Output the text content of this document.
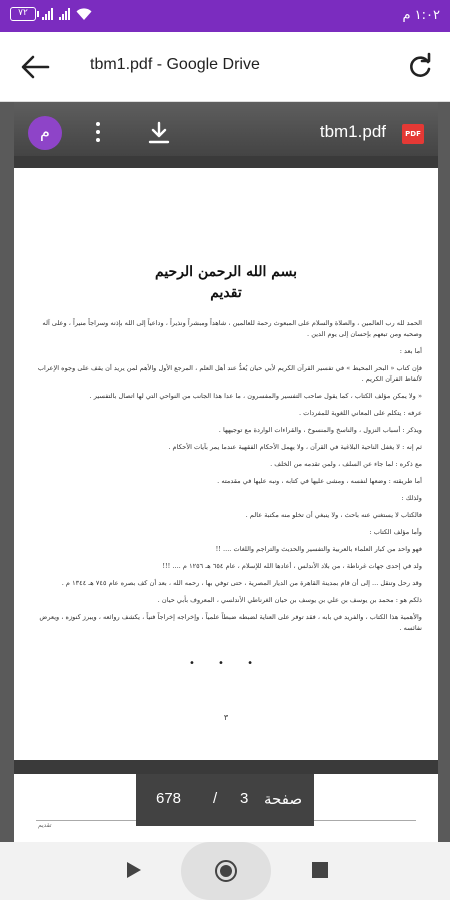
٧٢	١:٠٢ م
tbm1.pdf - Google Drive
م	tbm1.pdf	PDF
بسم الله الرحمن الرحيم
تقديم

الحمد لله رب العالمين ، والصلاة والسلام على المبعوث رحمة للعالمين ، شاهداً ومبشراً ونذيراً ، وداعياً إلى الله بإذنه وسراجاً منيراً ، وعلى آله وصحبه ومن تبعهم بإحسان إلى يوم الدين .

أما بعد :

فإن كتاب « البحر المحيط » في تفسير القرآن الكريم لأبي حيان يُعدُّ عند أهل العلم ، المرجع الأول والأهم لمن يريد أن يقف على وجوه الإعراب لألفاظ القرآن الكريم .

« ولا يمكن مؤلف الكتاب ، كما يقول صاحب التفسير والمفسرون ، ما عدا هذا الجانب من النواحي التي لها اتصال بالتفسير .

عرفه : يتكلم على المعاني اللغوية للمفردات .

ويذكر : أسباب النزول ، والناسخ والمنسوخ ، والقراءات الواردة مع توجيهها .

ثم إنه : لا يغفل الناحية البلاغية في القرآن ، ولا يهمل الأحكام الفقهية عندما يمر بآيات الأحكام .

مع ذكره : لما جاء عن السلف ، ولمن تقدمه من الخلف .

أما طريقته : وضعها لنفسه ، ومشى عليها في كتابه ، ونبه عليها في مقدمته .

ولذلك :

فالكتاب لا يستغني عنه باحث ، ولا ينبغي أن تخلو منه مكتبة عالم .

وأما مؤلف الكتاب :

فهو واحد من كبار العلماء بالعربية والتفسير والحديث والتراجم واللغات .... !!

ولد في إحدى جهات غرناطة ، من بلاد الأندلس ، أعادها الله للإسلام ، عام ٦٥٤ هـ ١٢٥٦ م .... !!!

وقد رحل وتنقل ... إلى أن قام بمدينة القاهرة من الديار المصرية ، حتى توفي بها ، رحمه الله ، بعد أن كف بصره عام ٧٤٥ هـ ١٣٤٤ م .

ذلكم هو : محمد بن يوسف بن علي بن يوسف بن حيان الغرناطي الأندلسي ، المعروف بأبي حيان .

والأهمية هذا الكتاب ، والفريد في بابه ، فقد توفر على العناية لضبطه ضبطاً علمياً ، وإخراجه إخراجاً فنياً ، يكشف روائعه ، ويبرز كنوزه ، ويعرض نفائسه .

• • •
٣
تقديم
678 / 3 صفحة
